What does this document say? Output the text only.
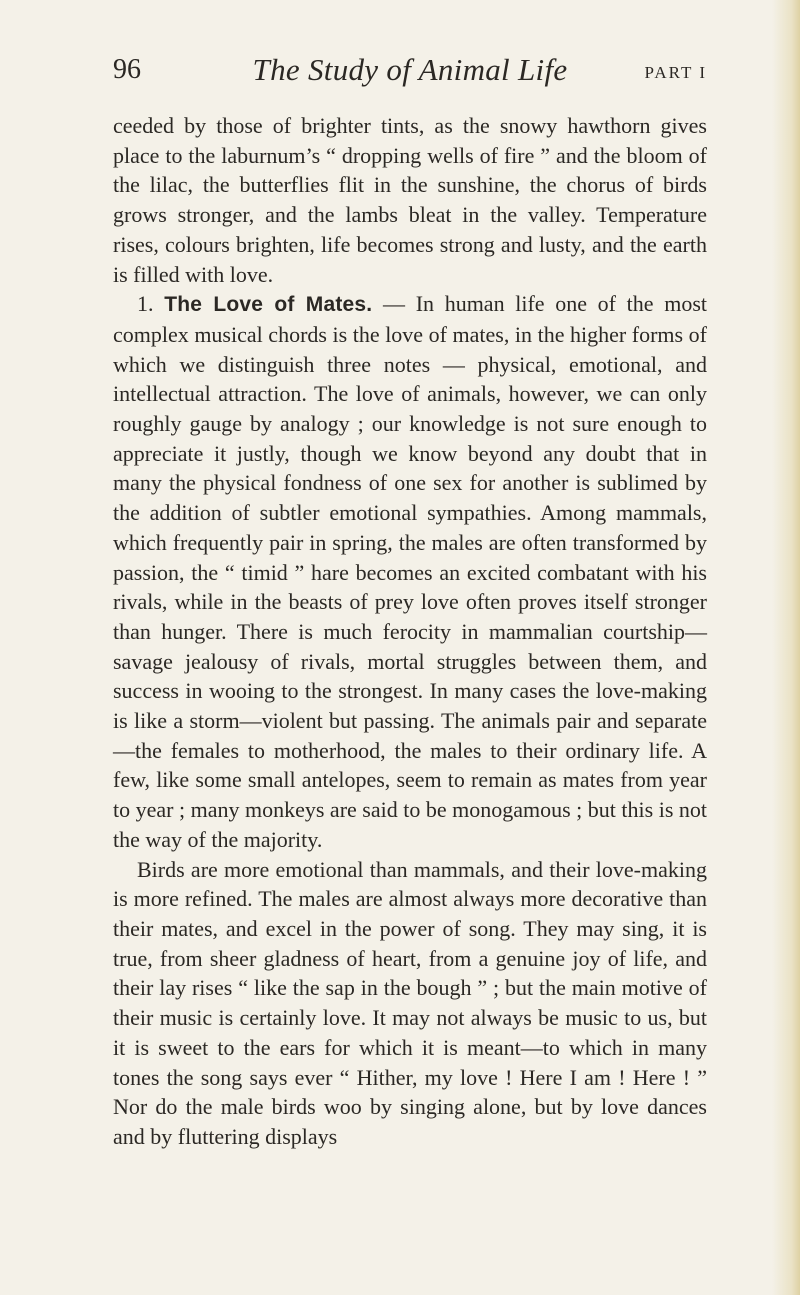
96	The Study of Animal Life	PART I

ceeded by those of brighter tints, as the snowy hawthorn gives place to the laburnum’s “ dropping wells of fire ” and the bloom of the lilac, the butterflies flit in the sunshine, the chorus of birds grows stronger, and the lambs bleat in the valley. Temperature rises, colours brighten, life becomes strong and lusty, and the earth is filled with love.

1. The Love of Mates. — In human life one of the most complex musical chords is the love of mates, in the higher forms of which we distinguish three notes — physical, emotional, and intellectual attraction. The love of animals, however, we can only roughly gauge by analogy ; our knowledge is not sure enough to appreciate it justly, though we know beyond any doubt that in many the physical fondness of one sex for another is sublimed by the addition of subtler emotional sympathies. Among mammals, which frequently pair in spring, the males are often transformed by passion, the “ timid ” hare becomes an excited combatant with his rivals, while in the beasts of prey love often proves itself stronger than hunger. There is much ferocity in mammalian courtship—savage jealousy of rivals, mortal struggles between them, and success in wooing to the strongest. In many cases the love-making is like a storm—violent but passing. The animals pair and separate—the females to motherhood, the males to their ordinary life. A few, like some small antelopes, seem to remain as mates from year to year ; many monkeys are said to be monogamous ; but this is not the way of the majority.

Birds are more emotional than mammals, and their love-making is more refined. The males are almost always more decorative than their mates, and excel in the power of song. They may sing, it is true, from sheer gladness of heart, from a genuine joy of life, and their lay rises “ like the sap in the bough ” ; but the main motive of their music is certainly love. It may not always be music to us, but it is sweet to the ears for which it is meant—to which in many tones the song says ever “ Hither, my love ! Here I am ! Here ! ” Nor do the male birds woo by singing alone, but by love dances and by fluttering displays
